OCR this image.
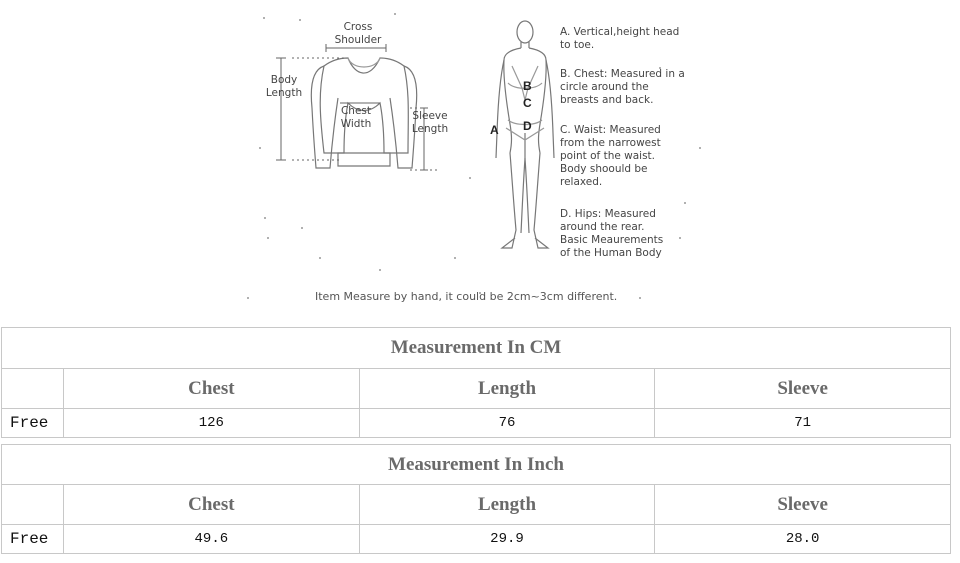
Cross
Shoulder
Body
Length
Chest
Width
Sleeve
Length	A
B
C
D
A. Vertical,height head
to toe.
B. Chest: Measured in a
circle around the
breasts and back.
C. Waist: Measured
from the narrowest
point of the waist.
Body shoould be
relaxed.
D. Hips: Measured
around the rear.
Basic Meaurements
of the Human Body
Item Measure by hand, it could be 2cm~3cm different.
Measurement In CM			
	Chest	Length	Sleeve
Free	126	76	71
Measurement In Inch			
	Chest	Length	Sleeve
Free	49.6	29.9	28.0
